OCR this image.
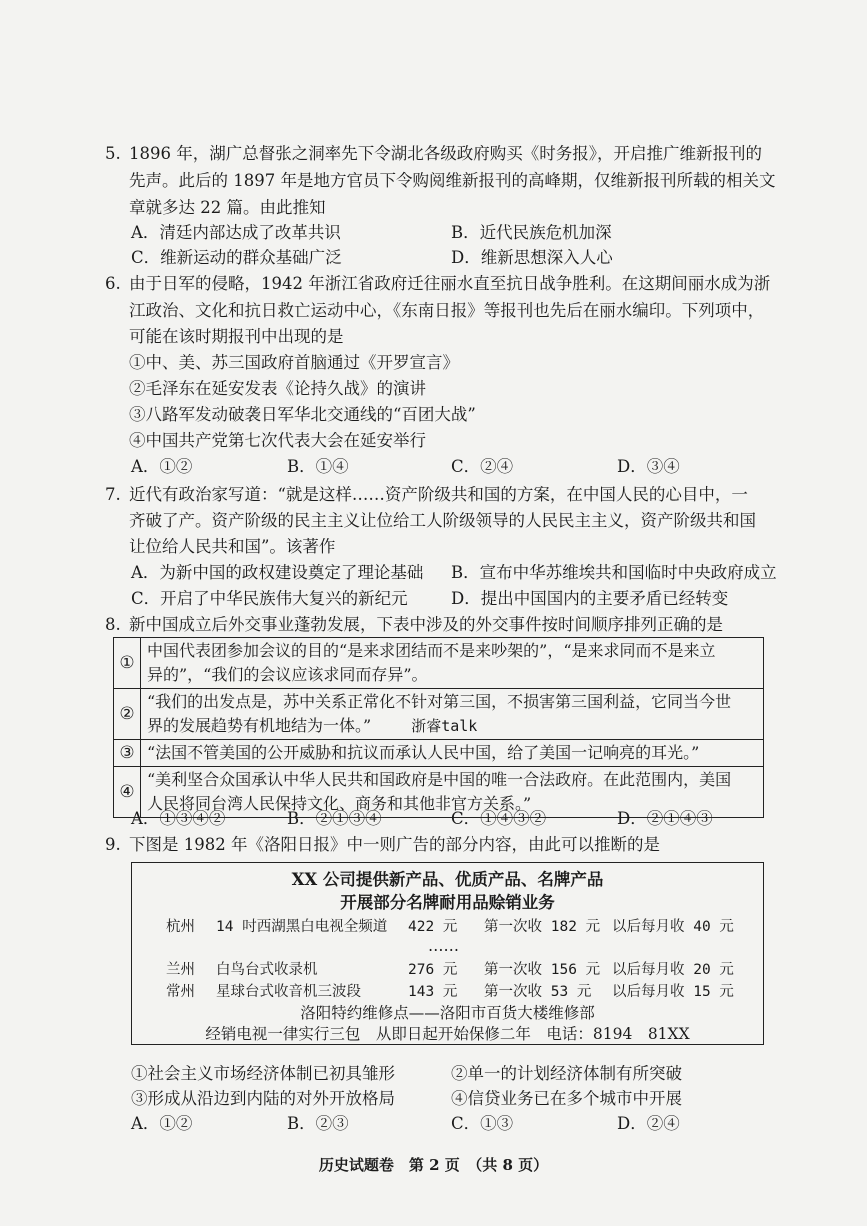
5. 1896 年，湖广总督张之洞率先下令湖北各级政府购买《时务报》，开启推广维新报刊的
先声。此后的 1897 年是地方官员下令购阅维新报刊的高峰期，仅维新报刊所载的相关文
章就多达 22 篇。由此推知
A．清廷内部达成了改革共识	B．近代民族危机加深
C．维新运动的群众基础广泛	D．维新思想深入人心
6. 由于日军的侵略，1942 年浙江省政府迁往丽水直至抗日战争胜利。在这期间丽水成为浙
江政治、文化和抗日救亡运动中心，《东南日报》等报刊也先后在丽水编印。下列项中，
可能在该时期报刊中出现的是
①中、美、苏三国政府首脑通过《开罗宣言》
②毛泽东在延安发表《论持久战》的演讲
③八路军发动破袭日军华北交通线的“百团大战”
④中国共产党第七次代表大会在延安举行
A．①②	B．①④	C．②④	D．③④
7. 近代有政治家写道：“就是这样……资产阶级共和国的方案，在中国人民的心目中，一
齐破了产。资产阶级的民主主义让位给工人阶级领导的人民民主主义，资产阶级共和国
让位给人民共和国”。该著作
A．为新中国的政权建设奠定了理论基础 B．宣布中华苏维埃共和国临时中央政府成立
C．开启了中华民族伟大复兴的新纪元	D．提出中国国内的主要矛盾已经转变
8. 新中国成立后外交事业蓬勃发展，下表中涉及的外交事件按时间顺序排列正确的是
①	中国代表团参加会议的目的“是来求团结而不是来吵架的”，“是来求同而不是来立
异的”，“我们的会议应该求同而存异”。

②	“我们的出发点是，苏中关系正常化不针对第三国，不损害第三国利益，它同当今世
界的发展趋势有机地结为一体。” 浙睿talk

③	“法国不管美国的公开威胁和抗议而承认人民中国，给了美国一记响亮的耳光。”

④	“美利坚合众国承认中华人民共和国政府是中国的唯一合法政府。在此范围内，美国
人民将同台湾人民保持文化、商务和其他非官方关系。”
A．①③④②	B．②①③④	C．①④③②	D．②①④③
9. 下图是 1982 年《洛阳日报》中一则广告的部分内容，由此可以推断的是
XX 公司提供新产品、优质产品、名牌产品
开展部分名牌耐用品赊销业务
杭州 14 吋西湖黑白电视全频道 422 元 第一次收 182 元 以后每月收 40 元
……
兰州 白鸟台式收录机	276 元 第一次收 156 元 以后每月收 20 元
常州 星球台式收音机三波段	143 元 第一次收 53 元 以后每月收 15 元
洛阳特约维修点——洛阳市百货大楼维修部
经销电视一律实行三包　从即日起开始保修二年　电话：8194　81XX
①社会主义市场经济体制已初具雏形	②单一的计划经济体制有所突破
③形成从沿边到内陆的对外开放格局	④信贷业务已在多个城市中开展
A．①②	B．②③	C．①③	D．②④
历史试题卷　第 2 页　（共 8 页）
